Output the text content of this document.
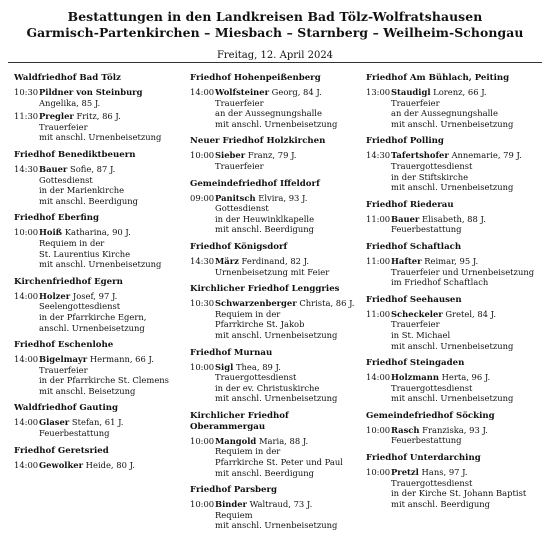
Bestattungen in den Landkreisen Bad Tölz-Wolfratshausen
Garmisch-Partenkirchen – Miesbach – Starnberg – Weilheim-Schongau
Freitag, 12. April 2024
Waldfriedhof Bad Tölz
10:30 Pildner von Steinburg
Angelika, 85 J.
11:30 Pregler Fritz, 86 J.
Trauerfeier
mit anschl. Urnenbeisetzung
Friedhof Benediktbeuern
14:30 Bauer Sofie, 87 J.
Gottesdienst
in der Marienkirche
mit anschl. Beerdigung
Friedhof Eberfing
10:00 Hoiß Katharina, 90 J.
Requiem in der
St. Laurentius Kirche
mit anschl. Urnenbeisetzung
Kirchenfriedhof Egern
14:00 Holzer Josef, 97 J.
Seelengottesdienst
in der Pfarrkirche Egern,
anschl. Urnenbeisetzung
Friedhof Eschenlohe
14:00 Bigelmayr Hermann, 66 J.
Trauerfeier
in der Pfarrkirche St. Clemens
mit anschl. Beisetzung
Waldfriedhof Gauting
14:00 Glaser Stefan, 61 J.
Feuerbestattung
Friedhof Geretsried
14:00 Gewolker Heide, 80 J.
Friedhof Hohenpeißenberg
14:00 Wolfsteiner Georg, 84 J.
Trauerfeier
an der Aussegnungshalle
mit anschl. Urnenbeisetzung
Neuer Friedhof Holzkirchen
10:00 Sieber Franz, 79 J.
Trauerfeier
Gemeindefriedhof Iffeldorf
09:00 Panitsch Elvira, 93 J.
Gottesdienst
in der Heuwinklkapelle
mit anschl. Beerdigung
Friedhof Königsdorf
14:30 März Ferdinand, 82 J.
Urnenbeisetzung mit Feier
Kirchlicher Friedhof Lenggries
10:30 Schwarzenberger Christa, 86 J.
Requiem in der
Pfarrkirche St. Jakob
mit anschl. Urnenbeisetzung
Friedhof Murnau
10:00 Sigl Thea, 89 J.
Trauergottesdienst
in der ev. Christuskirche
mit anschl. Urnenbeisetzung
Kirchlicher Friedhof Oberammergau
10:00 Mangold Maria, 88 J.
Requiem in der
Pfarrkirche St. Peter und Paul
mit anschl. Beerdigung
Friedhof Parsberg
10:00 Binder Waltraud, 73 J.
Requiem
mit anschl. Urnenbeisetzung
Friedhof Am Bühlach, Peiting
13:00 Staudigl Lorenz, 66 J.
Trauerfeier
an der Aussegnungshalle
mit anschl. Urnenbeisetzung
Friedhof Polling
14:30 Tafertshofer Annemarie, 79 J.
Trauergottesdienst
in der Stiftskirche
mit anschl. Urnenbeisetzung
Friedhof Riederau
11:00 Bauer Elisabeth, 88 J.
Feuerbestattung
Friedhof Schaftlach
11:00 Hafter Reimar, 95 J.
Trauerfeier und Urnenbeisetzung
im Friedhof Schaftlach
Friedhof Seehausen
11:00 Scheckeler Gretel, 84 J.
Trauerfeier
in St. Michael
mit anschl. Urnenbeisetzung
Friedhof Steingaden
14:00 Holzmann Herta, 96 J.
Trauergottesdienst
mit anschl. Urnenbeisetzung
Gemeindefriedhof Söcking
10:00 Rasch Franziska, 93 J.
Feuerbestattung
Friedhof Unterdarching
10:00 Pretzl Hans, 97 J.
Trauergottesdienst
in der Kirche St. Johann Baptist
mit anschl. Beerdigung
